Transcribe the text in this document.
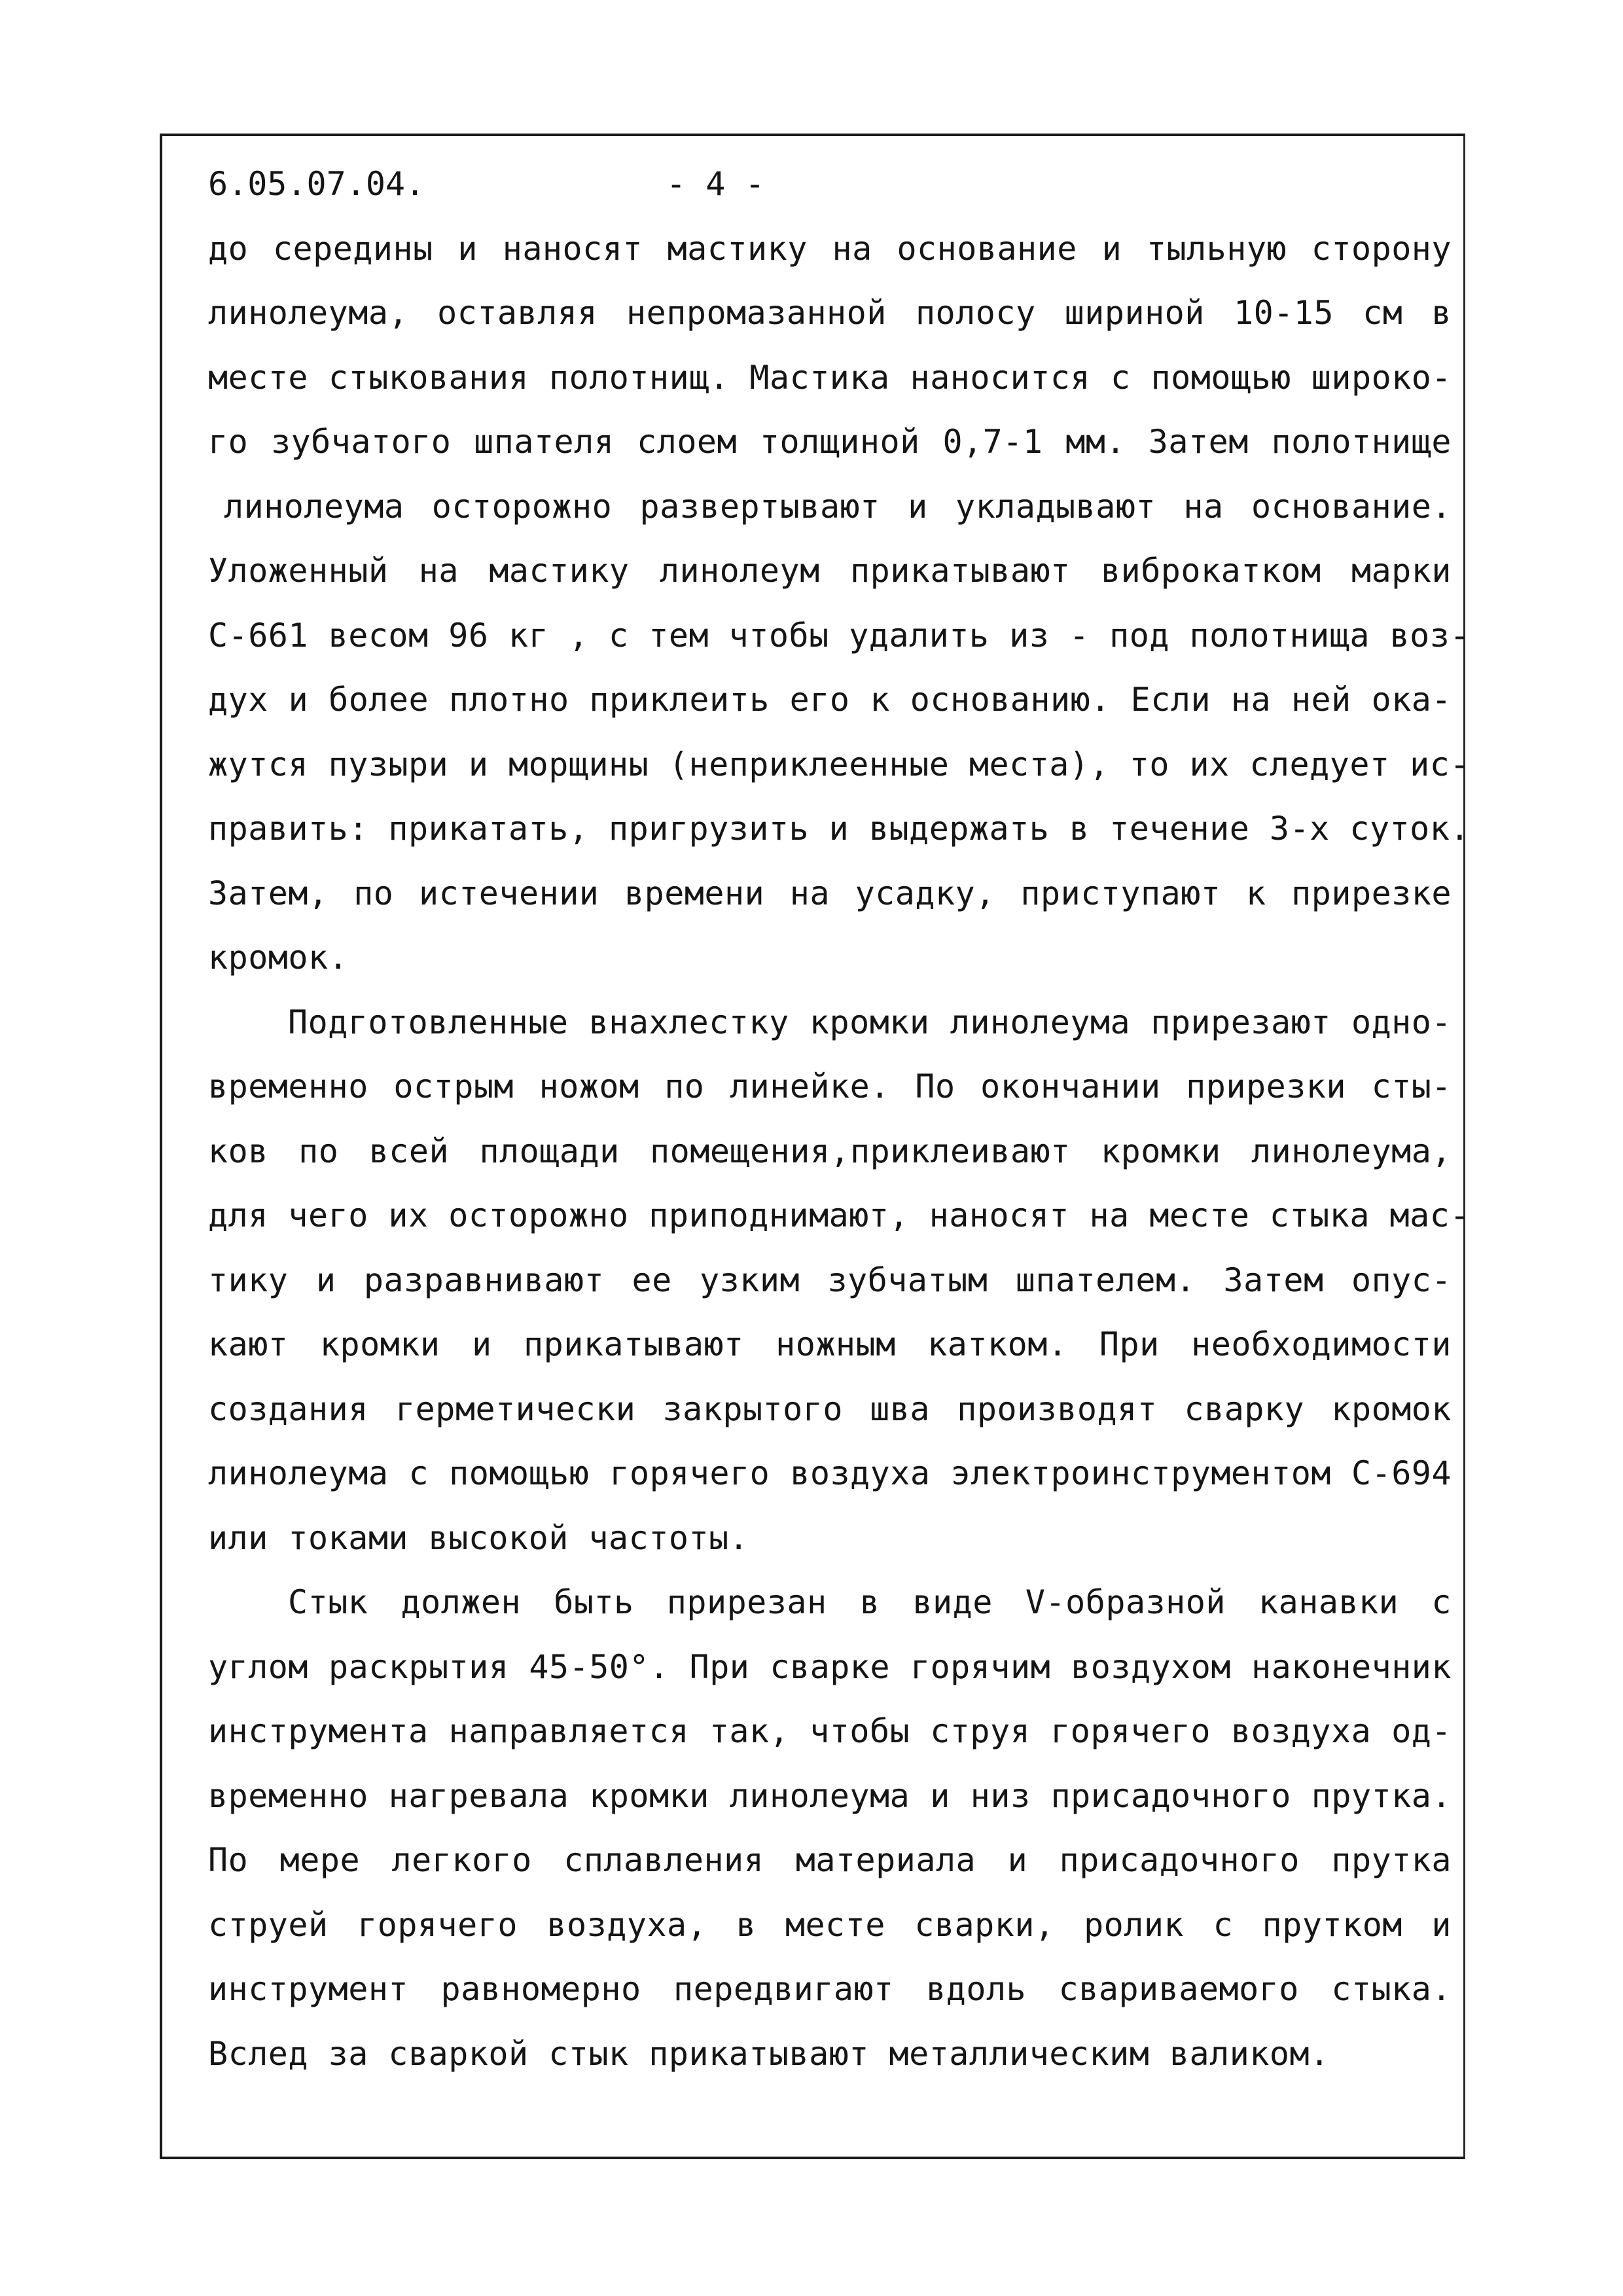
6.05.07.04.

	- 4 -

до середины и наносят мастику на основание и тыльную сторону
линолеума, оставляя непромазанной полосу шириной 10-15 см в
месте стыкования полотнищ. Мастика наносится с помощью широко-
го зубчатого шпателя слоем толщиной 0,7-1 мм. Затем полотнище
линолеума осторожно развертывают и укладывают на основание.
Уложенный на мастику линолеум прикатывают виброкатком марки
С-661 весом 96 кг , с тем чтобы удалить из - под полотнища воз-
дух и более плотно приклеить его к основанию. Если на ней ока-
жутся пузыри и морщины (неприклеенные места), то их следует ис-
править: прикатать, пригрузить и выдержать в течение 3-х суток.
Затем, по истечении времени на усадку, приступают к прирезке
кромок.
Подготовленные внахлестку кромки линолеума прирезают одно-
временно острым ножом по линейке. По окончании прирезки сты-
ков по всей площади помещения,приклеивают кромки линолеума,
для чего их осторожно приподнимают, наносят на месте стыка мас-
тику и разравнивают ее узким зубчатым шпателем. Затем опус-
кают кромки и прикатывают ножным катком. При необходимости
создания герметически закрытого шва производят сварку кромок
линолеума с помощью горячего воздуха электроинструментом С-694
или токами высокой частоты.
Стык должен быть прирезан в виде V-образной канавки с
углом раскрытия 45-50°. При сварке горячим воздухом наконечник
инструмента направляется так, чтобы струя горячего воздуха од-
временно нагревала кромки линолеума и низ присадочного прутка.
По мере легкого сплавления материала и присадочного прутка
струей горячего воздуха, в месте сварки, ролик с прутком и
инструмент равномерно передвигают вдоль свариваемого стыка.
Вслед за сваркой стык прикатывают металлическим валиком.
